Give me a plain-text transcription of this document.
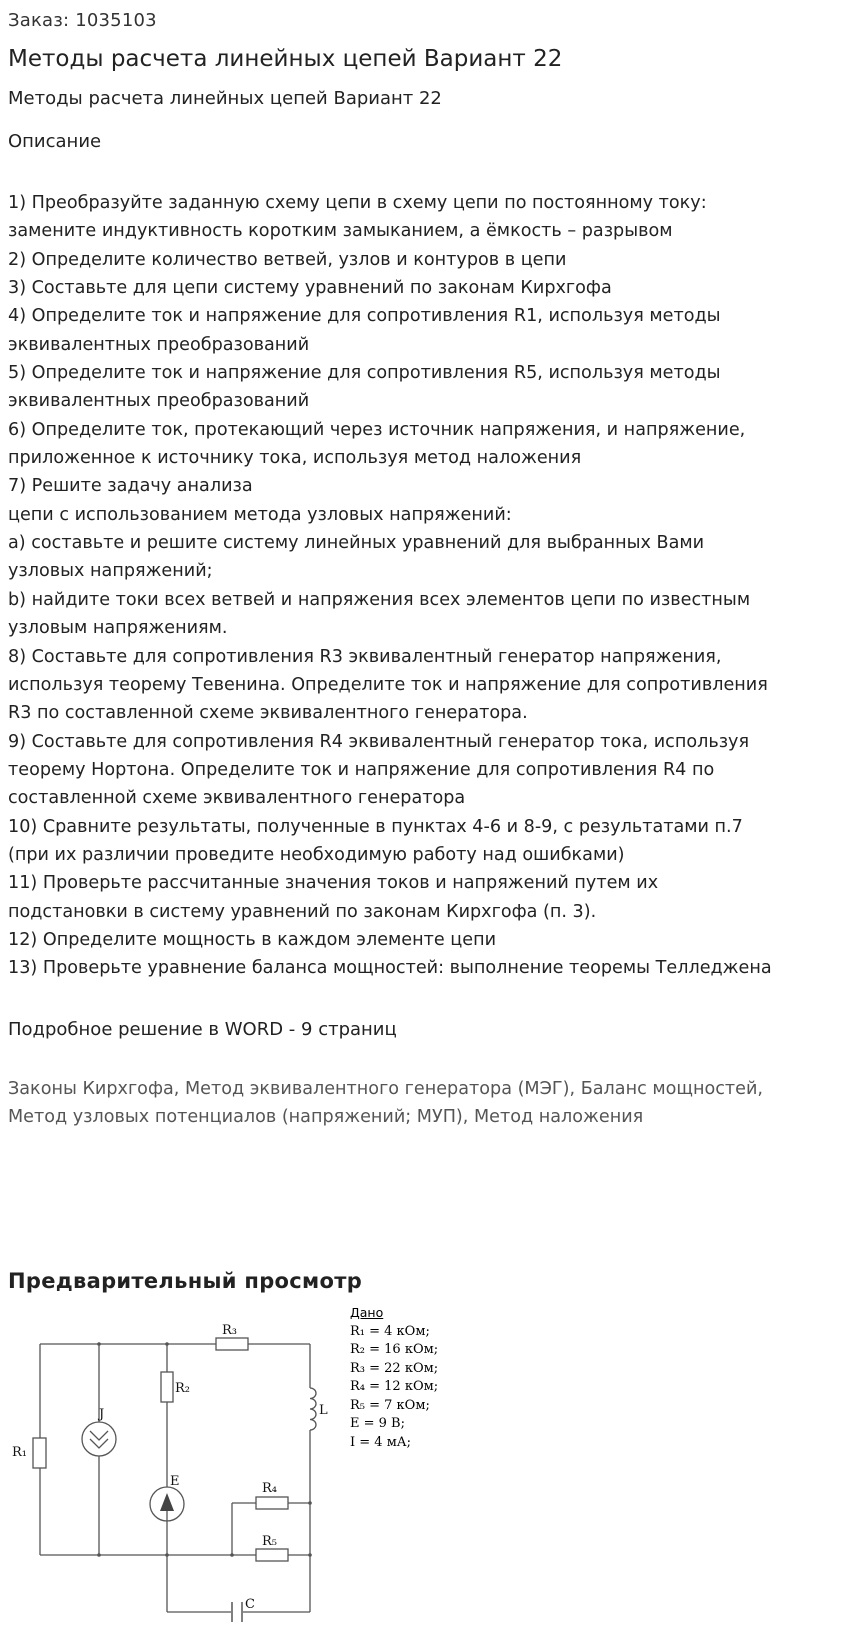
Заказ: 1035103
Методы расчета линейных цепей Вариант 22
Методы расчета линейных цепей Вариант 22
Описание
1) Преобразуйте заданную схему цепи в схему цепи по постоянному току:
замените индуктивность коротким замыканием, а ёмкость – разрывом
2) Определите количество ветвей, узлов и контуров в цепи
3) Составьте для цепи систему уравнений по законам Кирхгофа
4) Определите ток и напряжение для сопротивления R1, используя методы
эквивалентных преобразований
5) Определите ток и напряжение для сопротивления R5, используя методы
эквивалентных преобразований
6) Определите ток, протекающий через источник напряжения, и напряжение,
приложенное к источнику тока, используя метод наложения
7) Решите задачу анализа
цепи с использованием метода узловых напряжений:
a) составьте и решите систему линейных уравнений для выбранных Вами
узловых напряжений;
b) найдите токи всех ветвей и напряжения всех элементов цепи по известным
узловым напряжениям.
8) Составьте для сопротивления R3 эквивалентный генератор напряжения,
используя теорему Тевенина. Определите ток и напряжение для сопротивления
R3 по составленной схеме эквивалентного генератора.
9) Составьте для сопротивления R4 эквивалентный генератор тока, используя
теорему Нортона. Определите ток и напряжение для сопротивления R4 по
составленной схеме эквивалентного генератора
10) Сравните результаты, полученные в пунктах 4-6 и 8-9, с результатами п.7
(при их различии проведите необходимую работу над ошибками)
11) Проверьте рассчитанные значения токов и напряжений путем их
подстановки в систему уравнений по законам Кирхгофа (п. 3).
12) Определите мощность в каждом элементе цепи
13) Проверьте уравнение баланса мощностей: выполнение теоремы Телледжена
Подробное решение в WORD - 9 страниц
Законы Кирхгофа, Метод эквивалентного генератора (МЭГ), Баланс мощностей,
Метод узловых потенциалов (напряжений; МУП), Метод наложения
Предварительный просмотр
R₁
R₂
R₃
R₄
R₅
J
E
L
C
Дано
R₁ = 4 кОм;
R₂ = 16 кОм;
R₃ = 22 кОм;
R₄ = 12 кОм;
R₅ = 7 кОм;
E = 9 В;
I = 4 мА;
